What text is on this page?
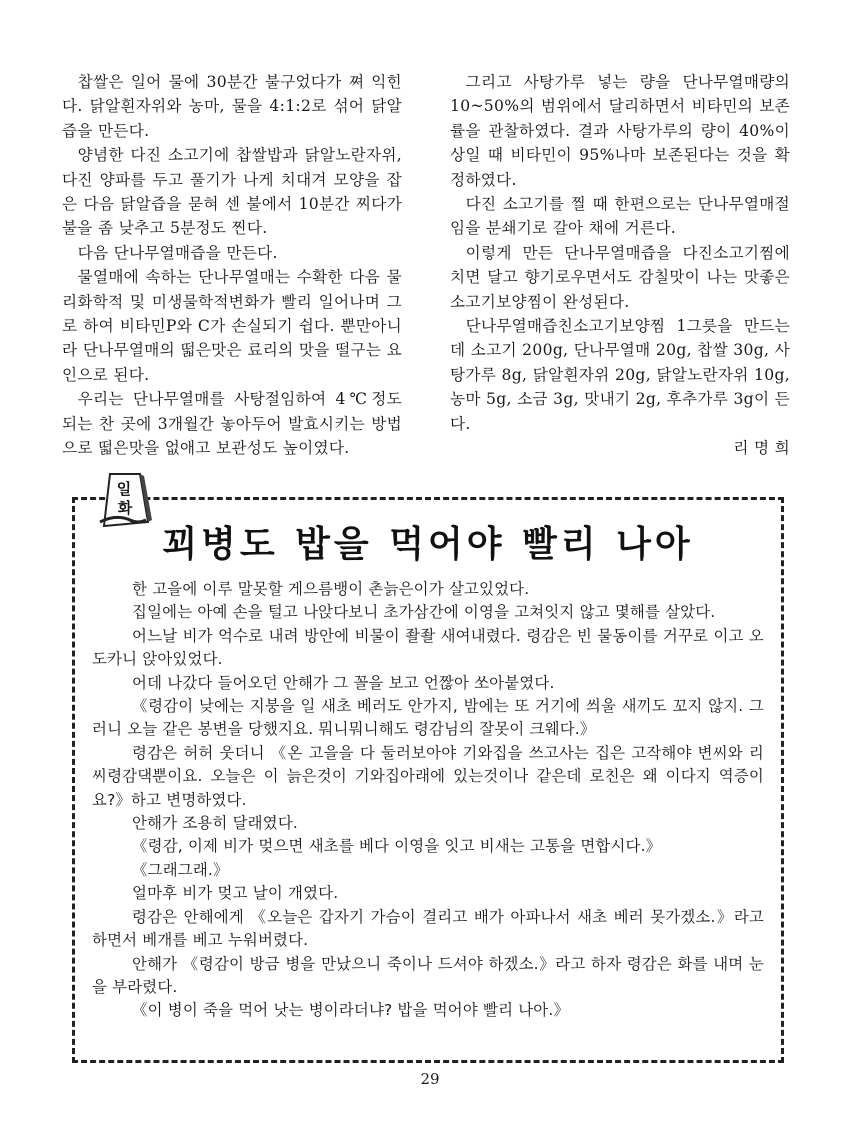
찹쌀은 일어 물에 30분간 불구었다가 쪄 익힌다. 닭알흰자위와 농마, 물을 4:1:2로 섞어 닭알즙을 만든다.

양념한 다진 소고기에 찹쌀밥과 닭알노란자위, 다진 양파를 두고 풀기가 나게 치대겨 모양을 잡은 다음 닭알즙을 묻혀 센 불에서 10분간 찌다가 불을 좀 낮추고 5분정도 찐다.

다음 단나무열매즙을 만든다.

물열매에 속하는 단나무열매는 수확한 다음 물리화학적 및 미생물학적변화가 빨리 일어나며 그로 하여 비타민P와 C가 손실되기 쉽다. 뿐만아니라 단나무열매의 떫은맛은 료리의 맛을 떨구는 요인으로 된다.

우리는 단나무열매를 사탕절임하여 4℃정도 되는 찬 곳에 3개월간 놓아두어 발효시키는 방법으로 떫은맛을 없애고 보관성도 높이였다.

그리고 사탕가루 넣는 량을 단나무열매량의 10~50%의 범위에서 달리하면서 비타민의 보존률을 관찰하였다. 결과 사탕가루의 량이 40%이상일 때 비타민이 95%나마 보존된다는 것을 확정하였다.

다진 소고기를 찔 때 한편으로는 단나무열매절임을 분쇄기로 갈아 채에 거른다.

이렇게 만든 단나무열매즙을 다진소고기찜에 치면 달고 향기로우면서도 감칠맛이 나는 맛좋은 소고기보양찜이 완성된다.

단나무열매즙친소고기보양찜 1그릇을 만드는데 소고기 200g, 단나무열매 20g, 찹쌀 30g, 사탕가루 8g, 닭알흰자위 20g, 닭알노란자위 10g, 농마 5g, 소금 3g, 맛내기 2g, 후추가루 3g이 든다.

리 명 희

일
화
꾀병도 밥을 먹어야 빨리 나아

한 고을에 이루 말못할 게으름뱅이 촌늙은이가 살고있었다.

집일에는 아예 손을 털고 나앉다보니 초가삼간에 이영을 고쳐잇지 않고 몇해를 살았다.

어느날 비가 억수로 내려 방안에 비물이 좔좔 새여내렸다. 령감은 빈 물동이를 거꾸로 이고 오도카니 앉아있었다.

어데 나갔다 들어오던 안해가 그 꼴을 보고 언짢아 쏘아붙였다.

《령감이 낮에는 지붕을 일 새초 베러도 안가지, 밤에는 또 거기에 씌울 새끼도 꼬지 않지. 그러니 오늘 같은 봉변을 당했지요. 뭐니뭐니해도 령감님의 잘못이 크웨다.》

령감은 허허 웃더니 《온 고을을 다 둘러보아야 기와집을 쓰고사는 집은 고작해야 변씨와 리씨령감댁뿐이요. 오늘은 이 늙은것이 기와집아래에 있는것이나 같은데 로친은 왜 이다지 역증이요?》하고 변명하였다.

안해가 조용히 달래였다.

《령감, 이제 비가 멎으면 새초를 베다 이영을 잇고 비새는 고통을 면합시다.》

《그래그래.》

얼마후 비가 멎고 날이 개였다.

령감은 안해에게 《오늘은 갑자기 가슴이 결리고 배가 아파나서 새초 베러 못가겠소.》라고 하면서 베개를 베고 누워버렸다.

안해가 《령감이 방금 병을 만났으니 죽이나 드셔야 하겠소.》라고 하자 령감은 화를 내며 눈을 부라렸다.

《이 병이 죽을 먹어 낫는 병이라더냐? 밥을 먹어야 빨리 나아.》

29
